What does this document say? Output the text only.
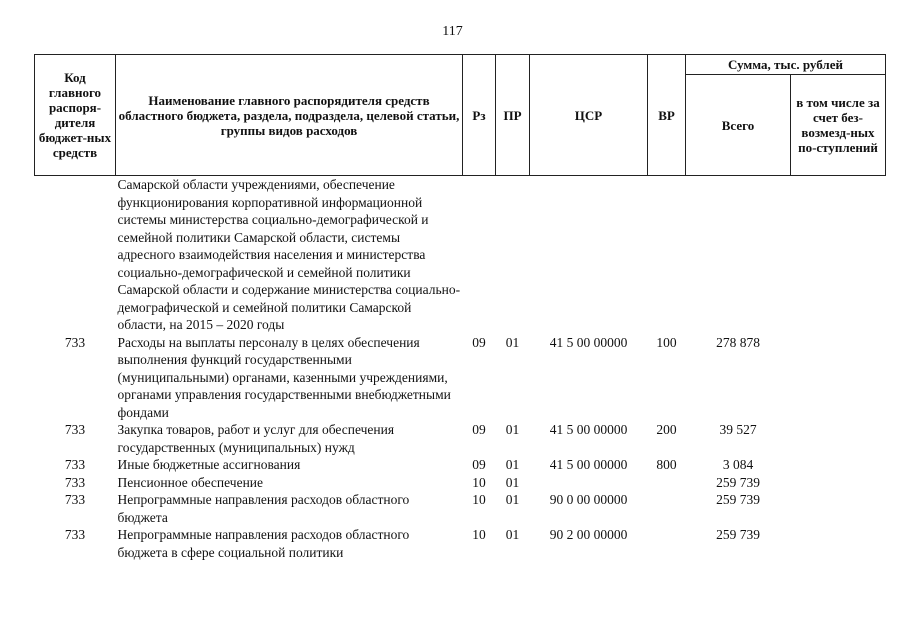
117
Код главного распоря-дителя бюджет-ных средств	Наименование главного распорядителя средств областного бюджета, раздела, подраздела, целевой статьи, группы видов расходов	Рз	ПР	ЦСР	ВР	Сумма, тыс. рублей	
						Всего	в том числе за счет без-возмезд-ных по-ступлений
	Самарской области учреждениями, обеспечение функционирования корпоративной информационной системы министерства социально-демографической и семейной политики Самарской области, системы адресного взаимодействия населения и министерства социально-демографической и семейной политики Самарской области и содержание министерства социально-демографической и семейной политики Самарской области, на 2015 – 2020 годы						
733	Расходы на выплаты персоналу в целях обеспечения выполнения функций государственными (муниципальными) органами, казенными учреждениями, органами управления государственными внебюджетными фондами	09	01	41 5 00 00000	100	278 878	
733	Закупка товаров, работ и услуг для обеспечения государственных (муниципальных) нужд	09	01	41 5 00 00000	200	39 527	
733	Иные бюджетные ассигнования	09	01	41 5 00 00000	800	3 084	
733	Пенсионное обеспечение	10	01			259 739	
733	Непрограммные направления расходов областного бюджета	10	01	90 0 00 00000		259 739	
733	Непрограммные направления расходов областного бюджета в сфере социальной политики	10	01	90 2 00 00000		259 739	
